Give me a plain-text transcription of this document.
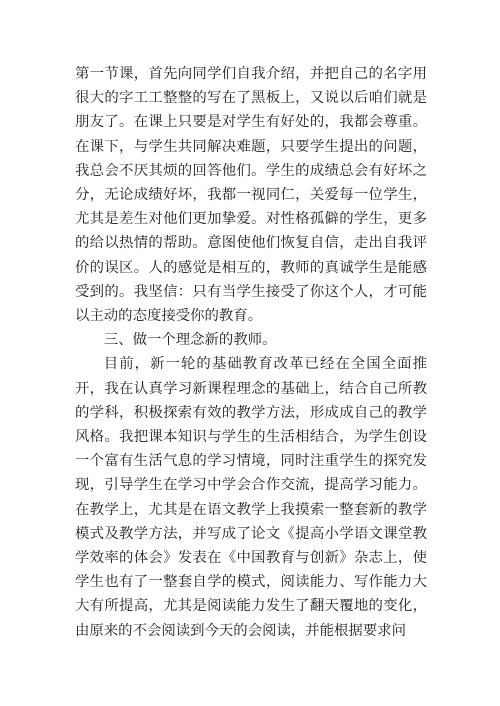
第一节课，首先向同学们自我介绍，并把自己的名字用很大的字工工整整的写在了黑板上，又说以后咱们就是朋友了。在课上只要是对学生有好处的，我都会尊重。在课下，与学生共同解决难题，只要学生提出的问题，我总会不厌其烦的回答他们。学生的成绩总会有好坏之分，无论成绩好坏，我都一视同仁，关爱每一位学生，尤其是差生对他们更加挚爱。对性格孤僻的学生，更多的给以热情的帮助。意图使他们恢复自信，走出自我评价的误区。人的感觉是相互的，教师的真诚学生是能感受到的。我坚信：只有当学生接受了你这个人，才可能以主动的态度接受你的教育。

三、做一个理念新的教师。

目前，新一轮的基础教育改革已经在全国全面推开，我在认真学习新课程理念的基础上，结合自己所教的学科，积极探索有效的教学方法，形成成自己的教学风格。我把课本知识与学生的生活相结合，为学生创设一个富有生活气息的学习情境，同时注重学生的探究发现，引导学生在学习中学会合作交流，提高学习能力。在教学上，尤其是在语文教学上我摸索一整套新的教学模式及教学方法，并写成了论文《提高小学语文课堂教学效率的体会》发表在《中国教育与创新》杂志上，使学生也有了一整套自学的模式，阅读能力、写作能力大大有所提高，尤其是阅读能力发生了翻天覆地的变化，由原来的不会阅读到今天的会阅读，并能根据要求问
